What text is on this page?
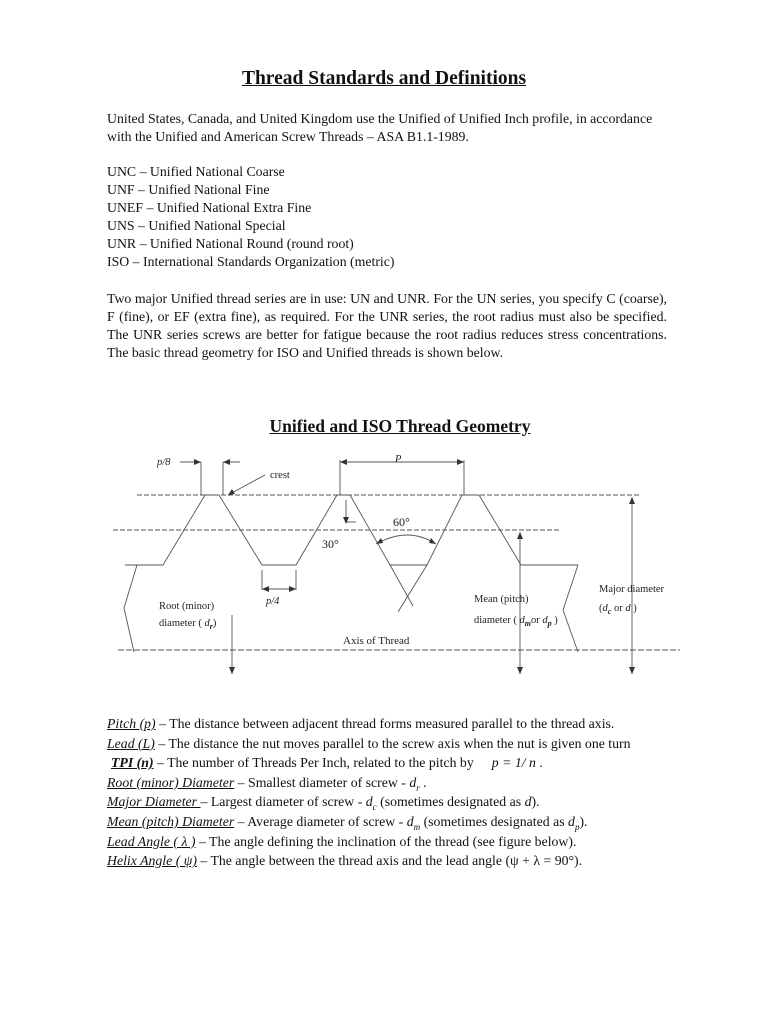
Thread Standards and Definitions
United States, Canada, and United Kingdom use the Unified of Unified Inch profile, in accordance with the Unified and American Screw Threads – ASA B1.1-1989.
UNC – Unified National Coarse
UNF – Unified National Fine
UNEF – Unified National Extra Fine
UNS – Unified National Special
UNR – Unified National Round (round root)
ISO – International Standards Organization (metric)
Two major Unified thread series are in use: UN and UNR. For the UN series, you specify C (coarse), F (fine), or EF (extra fine), as required. For the UNR series, the root radius must also be specified. The UNR series screws are better for fatigue because the root radius reduces stress concentrations. The basic thread geometry for ISO and Unified threads is shown below.
Unified and ISO Thread Geometry
p/8	P
crest
60°
30°
p/4
Root (minor)
diameter ( $d_r$)
Mean (pitch)
diameter ( $d_mor$ $d_p$ )
Major diameter
($d_c$ or d )
Axis of Thread
Pitch (p) – The distance between adjacent thread forms measured parallel to the thread axis.
Lead (L) – The distance the nut moves parallel to the screw axis when the nut is given one turn
TPI (n) – The number of Threads Per Inch, related to the pitch by p = 1/ n .
Root (minor) Diameter – Smallest diameter of screw - $d_r$ .
Major Diameter – Largest diameter of screw - $d_c$ (sometimes designated as d).
Mean (pitch) Diameter – Average diameter of screw - $d_m$ (sometimes designated as $d_p$).
Lead Angle ( λ ) – The angle defining the inclination of the thread (see figure below).
Helix Angle ( ψ) – The angle between the thread axis and the lead angle (ψ + λ = 90°).
